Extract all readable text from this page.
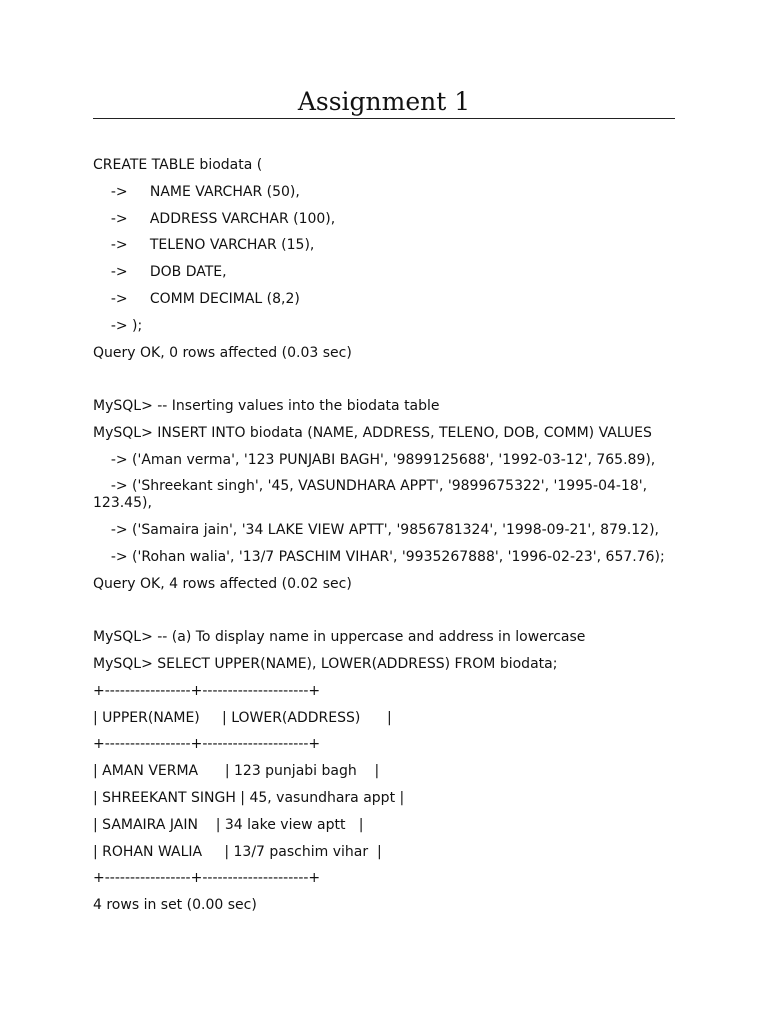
Assignment 1
CREATE TABLE biodata (
->     NAME VARCHAR (50),
->     ADDRESS VARCHAR (100),
->     TELENO VARCHAR (15),
->     DOB DATE,
->     COMM DECIMAL (8,2)
-> );
Query OK, 0 rows affected (0.03 sec)
MySQL> -- Inserting values into the biodata table
MySQL> INSERT INTO biodata (NAME, ADDRESS, TELENO, DOB, COMM) VALUES
-> ('Aman verma', '123 PUNJABI BAGH', '9899125688', '1992-03-12', 765.89),
-> ('Shreekant singh', '45, VASUNDHARA APPT', '9899675322', '1995-04-18', 123.45),
-> ('Samaira jain', '34 LAKE VIEW APTT', '9856781324', '1998-09-21', 879.12),
-> ('Rohan walia', '13/7 PASCHIM VIHAR', '9935267888', '1996-02-23', 657.76);
Query OK, 4 rows affected (0.02 sec)
MySQL> -- (a) To display name in uppercase and address in lowercase
MySQL> SELECT UPPER(NAME), LOWER(ADDRESS) FROM biodata;
+-----------------+---------------------+
| UPPER(NAME)     | LOWER(ADDRESS)      |
+-----------------+---------------------+
| AMAN VERMA      | 123 punjabi bagh    |
| SHREEKANT SINGH | 45, vasundhara appt |
| SAMAIRA JAIN    | 34 lake view aptt   |
| ROHAN WALIA     | 13/7 paschim vihar  |
+-----------------+---------------------+
4 rows in set (0.00 sec)
